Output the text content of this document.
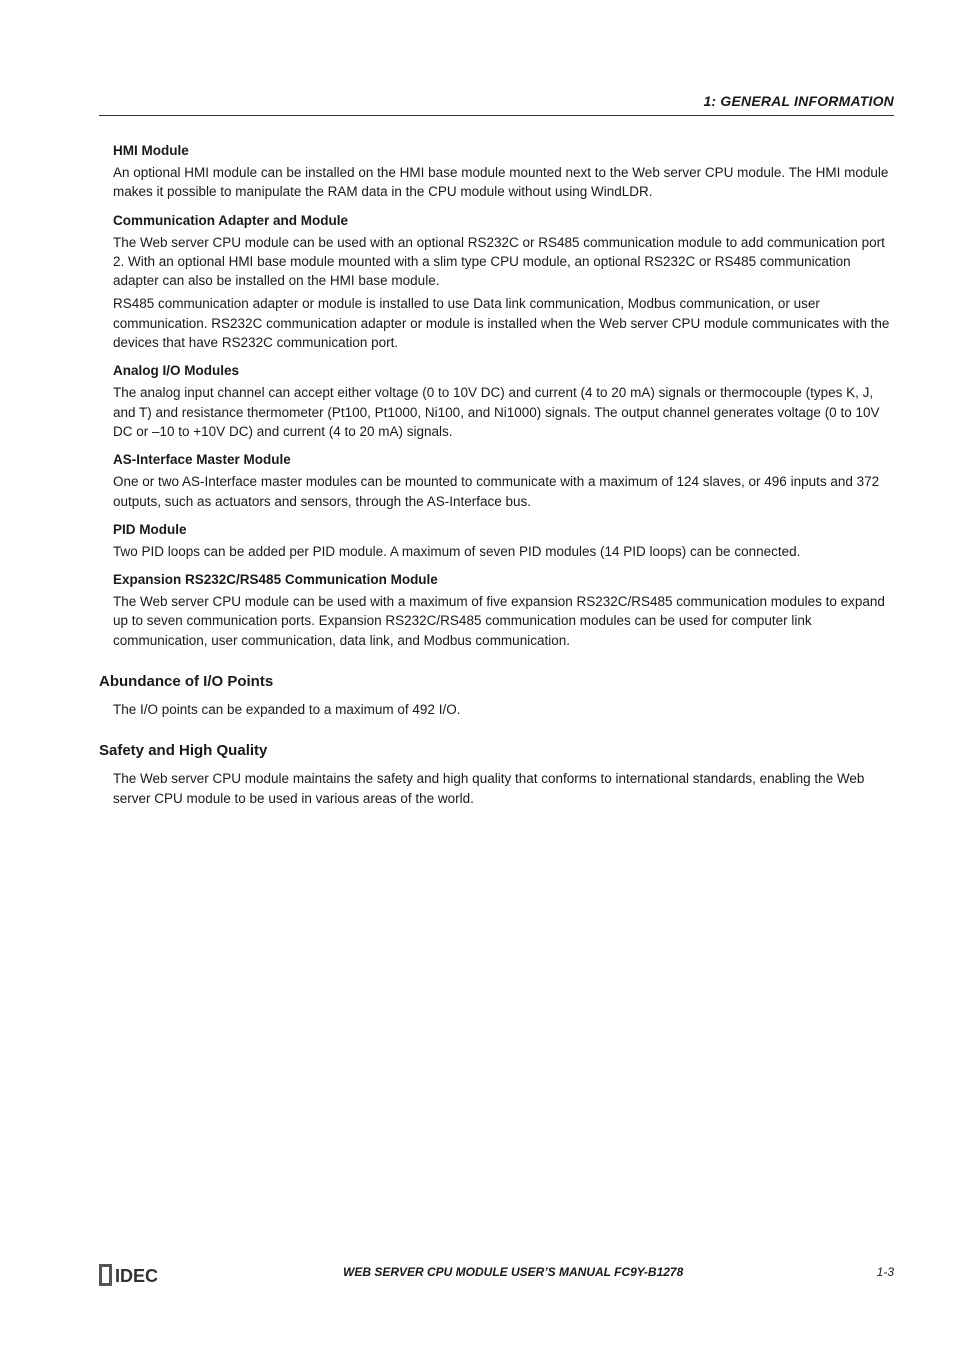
1: GENERAL INFORMATION
HMI Module

An optional HMI module can be installed on the HMI base module mounted next to the Web server CPU module. The HMI module makes it possible to manipulate the RAM data in the CPU module without using WindLDR.

Communication Adapter and Module

The Web server CPU module can be used with an optional RS232C or RS485 communication module to add communication port 2. With an optional HMI base module mounted with a slim type CPU module, an optional RS232C or RS485 communication adapter can also be installed on the HMI base module.

RS485 communication adapter or module is installed to use Data link communication, Modbus communication, or user communication. RS232C communication adapter or module is installed when the Web server CPU module communicates with the devices that have RS232C communication port.

Analog I/O Modules

The analog input channel can accept either voltage (0 to 10V DC) and current (4 to 20 mA) signals or thermocouple (types K, J, and T) and resistance thermometer (Pt100, Pt1000, Ni100, and Ni1000) signals. The output channel generates voltage (0 to 10V DC or –10 to +10V DC) and current (4 to 20 mA) signals.

AS-Interface Master Module

One or two AS-Interface master modules can be mounted to communicate with a maximum of 124 slaves, or 496 inputs and 372 outputs, such as actuators and sensors, through the AS-Interface bus.

PID Module

Two PID loops can be added per PID module. A maximum of seven PID modules (14 PID loops) can be connected.

Expansion RS232C/RS485 Communication Module

The Web server CPU module can be used with a maximum of five expansion RS232C/RS485 communication modules to expand up to seven communication ports. Expansion RS232C/RS485 communication modules can be used for computer link communication, user communication, data link, and Modbus communication.

Abundance of I/O Points

The I/O points can be expanded to a maximum of 492 I/O.

Safety and High Quality

The Web server CPU module maintains the safety and high quality that conforms to international standards, enabling the Web server CPU module to be used in various areas of the world.

IDEC	WEB SERVER CPU MODULE USER’S MANUAL FC9Y-B1278	1-3
